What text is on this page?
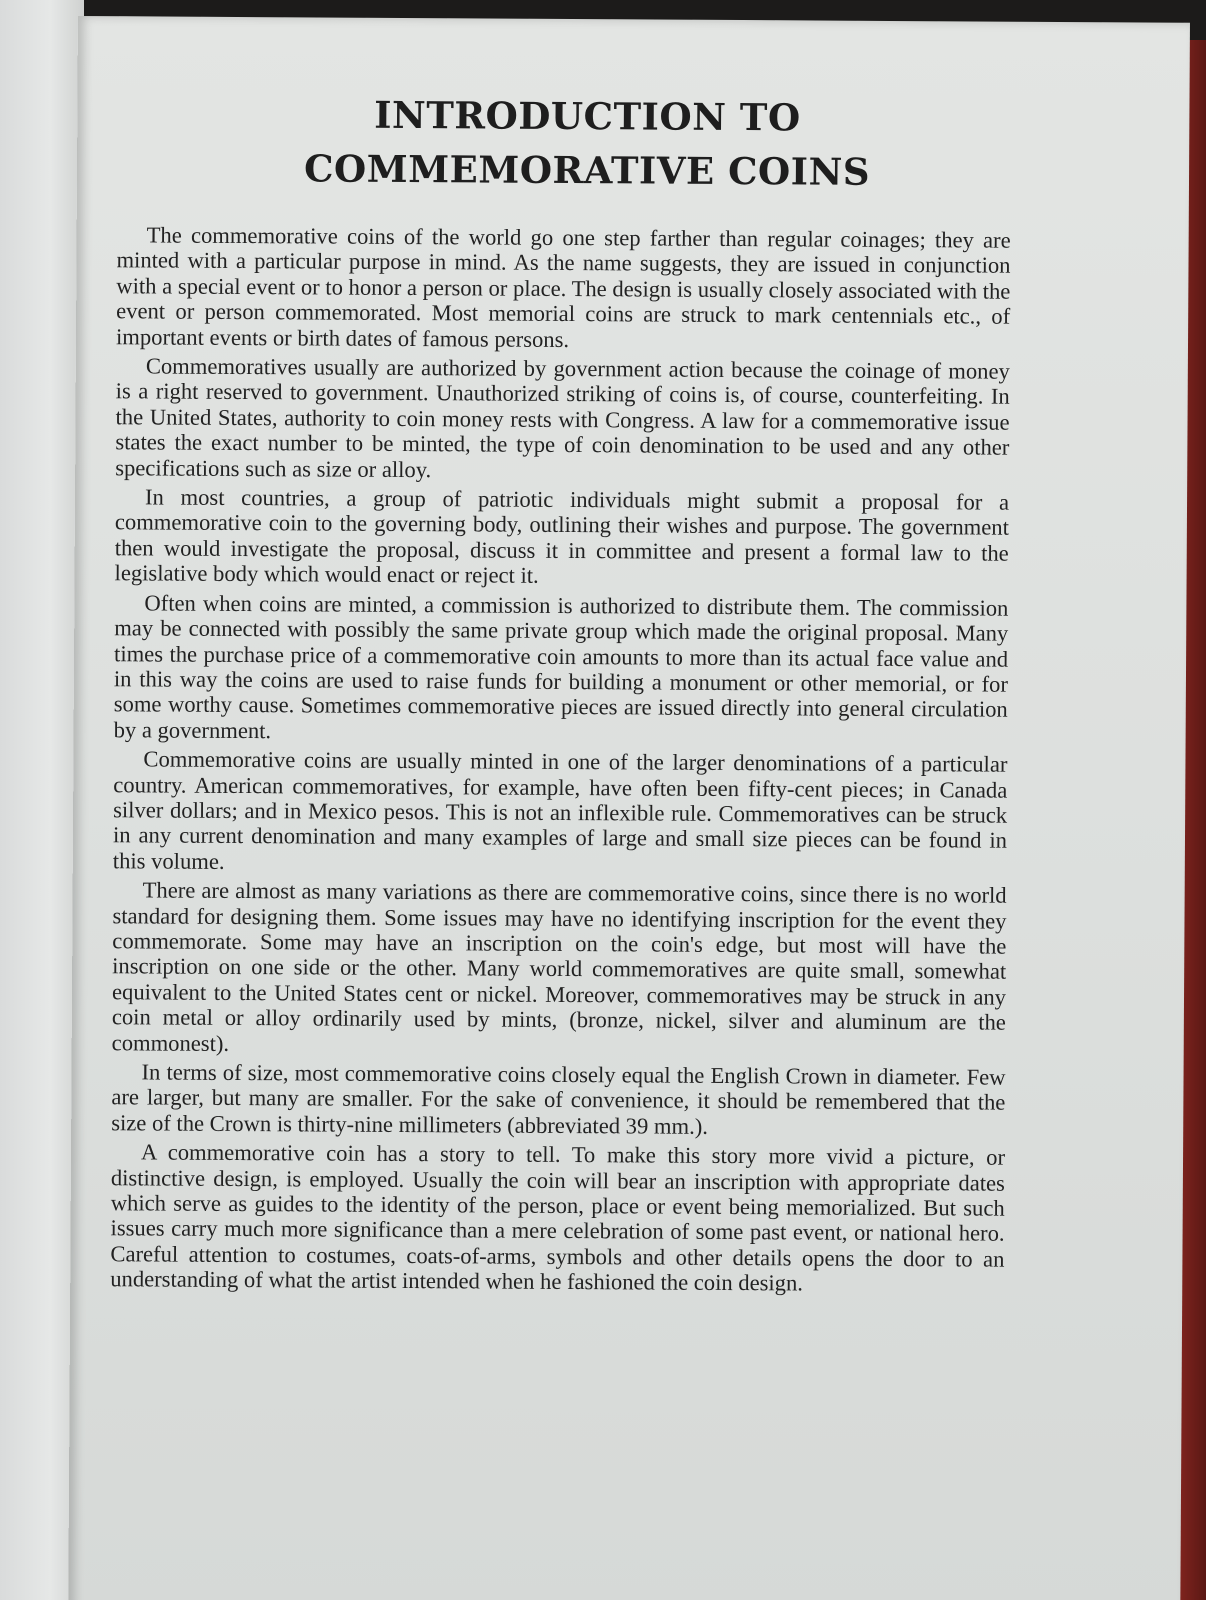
INTRODUCTION TO
COMMEMORATIVE COINS

The commemorative coins of the world go one step farther than regular coinages; they are minted with a particular purpose in mind. As the name suggests, they are issued in conjunction with a special event or to honor a person or place. The design is usually closely associated with the event or person commemorated. Most memorial coins are struck to mark centennials etc., of important events or birth dates of famous persons.

Commemoratives usually are authorized by government action because the coinage of money is a right reserved to government. Unauthorized striking of coins is, of course, counterfeiting. In the United States, authority to coin money rests with Congress. A law for a commemorative issue states the exact number to be minted, the type of coin denomination to be used and any other specifications such as size or alloy.

In most countries, a group of patriotic individuals might submit a proposal for a commemorative coin to the governing body, outlining their wishes and purpose. The government then would investigate the proposal, discuss it in committee and present a formal law to the legislative body which would enact or reject it.

Often when coins are minted, a commission is authorized to distribute them. The commission may be connected with possibly the same private group which made the original proposal. Many times the purchase price of a commemorative coin amounts to more than its actual face value and in this way the coins are used to raise funds for building a monument or other memorial, or for some worthy cause. Sometimes commemorative pieces are issued directly into general circulation by a government.

Commemorative coins are usually minted in one of the larger denominations of a particular country. American commemoratives, for example, have often been fifty-cent pieces; in Canada silver dollars; and in Mexico pesos. This is not an inflexible rule. Commemoratives can be struck in any current denomination and many examples of large and small size pieces can be found in this volume.

There are almost as many variations as there are commemorative coins, since there is no world standard for designing them. Some issues may have no identifying inscription for the event they commemorate. Some may have an inscription on the coin's edge, but most will have the inscription on one side or the other. Many world commemoratives are quite small, somewhat equivalent to the United States cent or nickel. Moreover, commemoratives may be struck in any coin metal or alloy ordinarily used by mints, (bronze, nickel, silver and aluminum are the commonest).

In terms of size, most commemorative coins closely equal the English Crown in diameter. Few are larger, but many are smaller. For the sake of convenience, it should be remembered that the size of the Crown is thirty-nine millimeters (abbreviated 39 mm.).

A commemorative coin has a story to tell. To make this story more vivid a picture, or distinctive design, is employed. Usually the coin will bear an inscription with appropriate dates which serve as guides to the identity of the person, place or event being memorialized. But such issues carry much more significance than a mere celebration of some past event, or national hero. Careful attention to costumes, coats-of-arms, symbols and other details opens the door to an understanding of what the artist intended when he fashioned the coin design.
